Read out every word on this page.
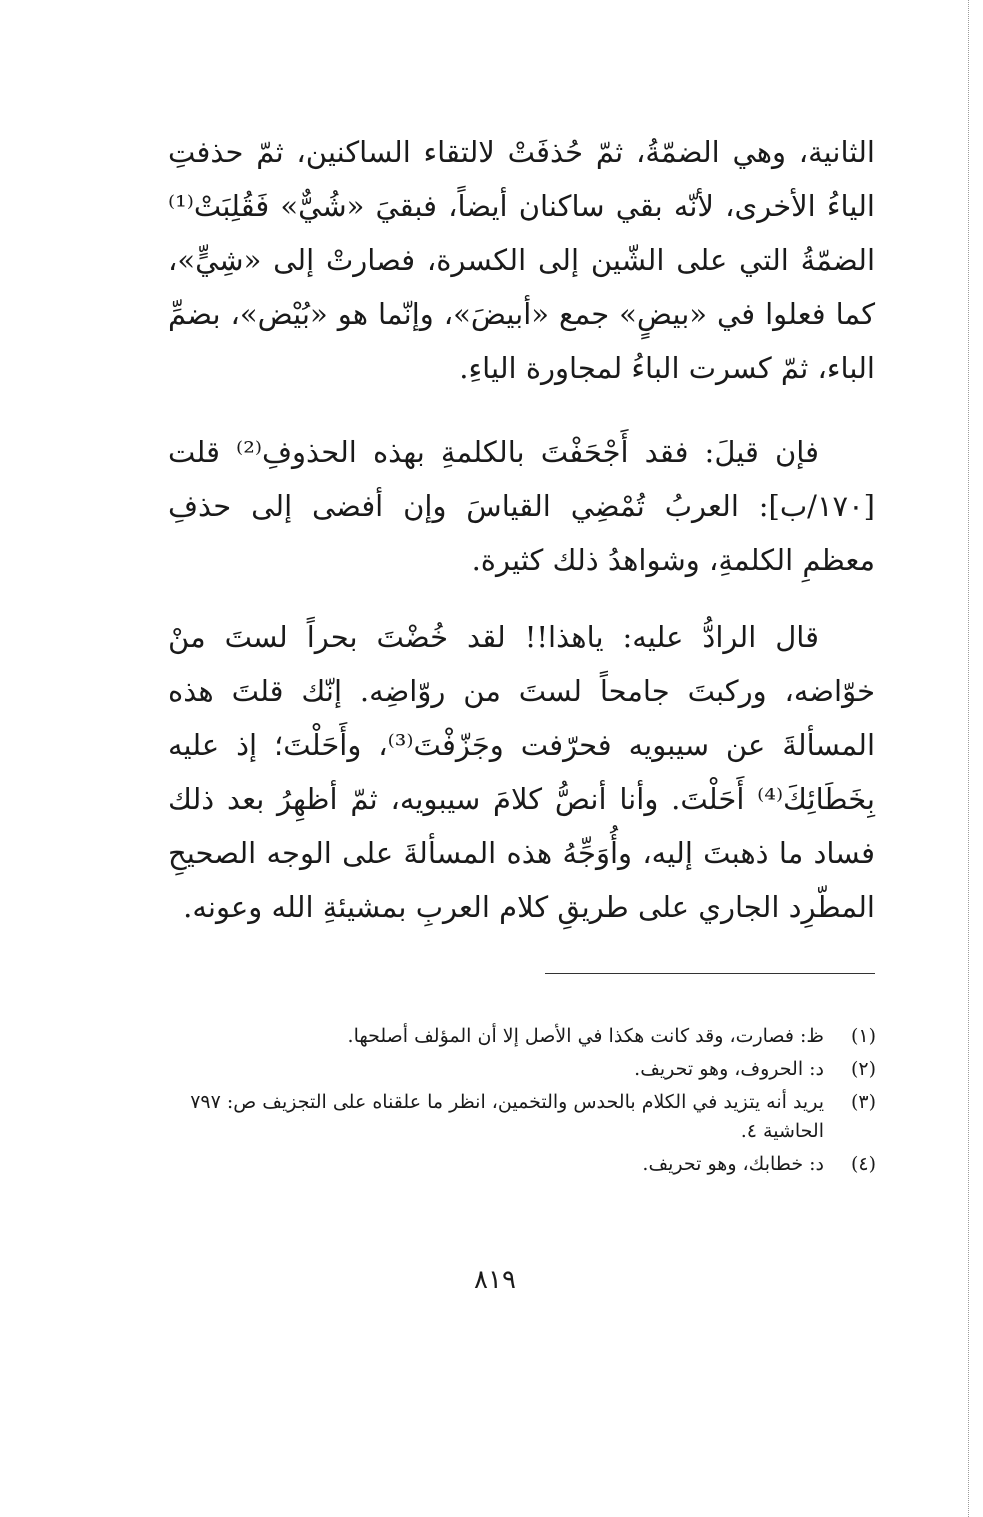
الثانية، وهي الضمّةُ، ثمّ حُذفَتْ لالتقاء الساكنين، ثمّ حذفتِ الياءُ الأخرى، لأنّه بقي ساكنان أيضاً، فبقيَ «شُيٌّ» فَقُلِبَتْ⁽¹⁾ الضمّةُ التي على الشّين إلى الكسرة، فصارتْ إلى «شِيٍّ»، كما فعلوا في «بيضٍ» جمع «أبيضَ»، وإنّما هو «بُيْض»، بضمِّ الباء، ثمّ كسرت الباءُ لمجاورة الياءِ.

فإن قيلَ: فقد أَجْحَفْتَ بالكلمةِ بهذه الحذوفِ⁽²⁾ قلت [١٧٠/ب]: العربُ تُمْضِي القياسَ وإن أفضى إلى حذفِ معظمِ الكلمةِ، وشواهدُ ذلك كثيرة.

قال الرادُّ عليه: ياهذا!! لقد خُضْتَ بحراً لستَ منْ خوّاضه، وركبتَ جامحاً لستَ من روّاضِه. إنّك قلتَ هذه المسألةَ عن سيبويه فحرّفت وجَزّفْتَ⁽³⁾، وأَحَلْتَ؛ إذ عليه بِخَطَائِكَ⁽⁴⁾ أَحَلْتَ. وأنا أنصُّ كلامَ سيبويه، ثمّ أظهِرُ بعد ذلك فساد ما ذهبتَ إليه، وأُوَجِّهُ هذه المسألةَ على الوجه الصحيحِ المطّرِد الجاري على طريقِ كلام العربِ بمشيئةِ الله وعونه.

(١)
ظ: فصارت، وقد كانت هكذا في الأصل إلا أن المؤلف أصلحها.
(٢)
د: الحروف، وهو تحريف.
(٣)
يريد أنه يتزيد في الكلام بالحدس والتخمين، انظر ما علقناه على التجزيف ص: ٧٩٧ الحاشية ٤.
(٤)
د: خطابك، وهو تحريف.
٨١٩
